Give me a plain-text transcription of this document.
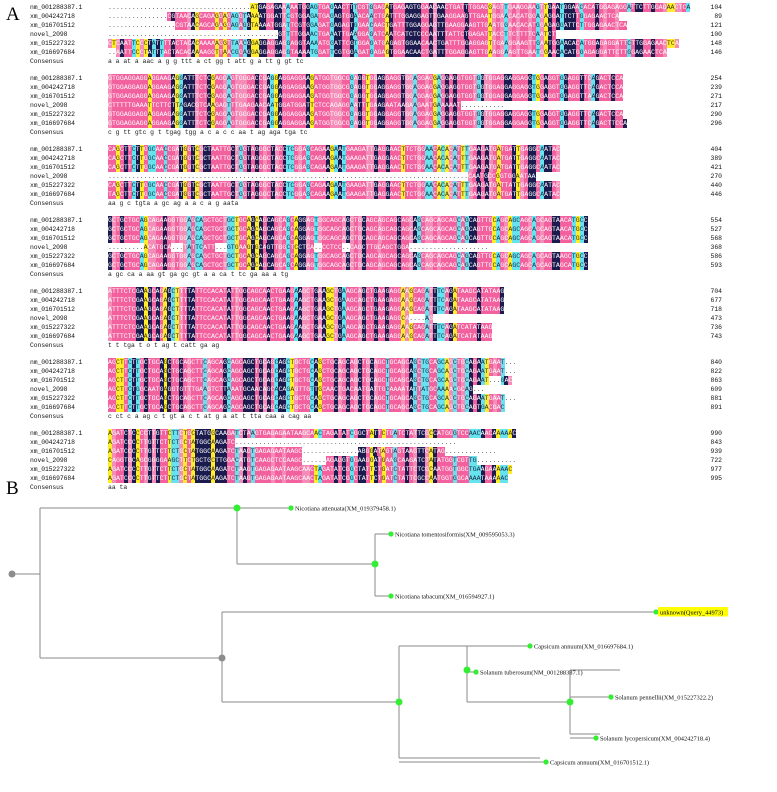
A
B
nm_001288387.1	....................................ATGAGAGAAAAATGGAGTGAGAACTTTCGTGGAGATGAGAGTGGAACAACTGATTTGGAGGAGTTGAAGGAAGTTGAATGGAACACATGGAGAGGATTCTTGGAGAACTCA	104
xm_004242718	...............CGTAACAGCAGAGGAGAGGTAAAATGGATTCGTGGAGATGAGAGTGGAACAACTGATTTGGAGGAGTTGAAGGAAGTTGAATGGAACACATGGAGAGGATTCTTGGAGAACTCA	89
xm_016701512	.................CGTAACAGCAGAGGAGAGGTAAAATGGATTCGTGGAGATGAGAGTGGAACAACTGATTTGGAGGAGTTGAAGGAAGTTGAATGGAACACATGGAGAGGATTCTTGGAGAACTCA	121
novel_2098	...........................................GTTTTGGAACTGAAATTGAAGGAGATCAATCATCTCCCAATTTATTCTGAGATTACCTTCTTTTCAATCT	100
xm_015227322	CTCAATTCCCTATTTTACTACACAAAAAGGTTAACGGAGGAGGAGGAGGTAAAATGGATTCGTGGAGATGAGAGTGGAACAACTGATTTGGAGGAGTTGAAGGAAGTTGAATGGAACACATGGAGAGGATTCTTGGAGAACTCA	148
xm_016697684	..AATTCCCTATTTACTACACAAAAGGTTAACGGAGGAGGAGGAGGTAAAATGGATTCGTGGAGATGAGAGTGGAACAACTGATTTGGAGGAGTTGAAGGAAGTTGAATGGAACACATGGAGAGGATTCTTGGAGAACTCA	146
Consensus	a a at a aac a g g ttt a ct gg t att g a tt g gt tc
nm_001288387.1	GTGGAGGAGGAGGAAGAGGATTTCTCGAGGAGTGGGACCGAGGAGGAGGAAGATGGTGGCGGAGGTGGAGGAGGTGGAGGAGGAGGAGGTGGTGGTGGAGGAGGAGGTGGAGGTGGAGGTTCAGACTCCA	254
xm_004242718	GTGGAGGAGGAGGAAGAGGATTTCTCGAGGAGTGGGACCGAGGAGGAGGAAGATGGTGGCGGAGGTGGAGGAGGTGGAGGAGGAGGAGGTGGTGGTGGAGGAGGAGGTGGAGGTGGAGGTTCAGACTCCA	239
xm_016701512	GTGGAGGAGGAGGAAGAGGATTTCTCGAGGAGTGGGACCGAGGAGGAGGAAGATGGTGGCGGAGGTGGAGGAGGTGGAGGAGGAGGAGGTGGTGGTGGAGGAGGAGGTGGAGGTGGAGGTTAAGACTCCA	271
novel_2098	CTTTTTGAAATTCTTCTTAGACGTCAAGAGTTTGAAGAACAATGGATGGATTCTCCAGAGGAATTTGAAGAATAAGAAGAATGAAAAAT...........	217
xm_015227322	GTGGAGGAGGAGGAAGAGGATTTCTCGAGGAGTGGGACCGAGGAGGAGGAAGATGGTGGCGGAGGTGGAGGAGGTGGAGGAGGAGGAGGTGGTGGTGGAGGAGGAGGTGGAGGTGGAGGTTCAGACTCCA	290
xm_016697684	GTGGAGGAGGAGGAAGAGGATTTCTCGAGGAGTGGGACCGAGGAGGAGGAAGATGGTGGCGGAGGTGGAGGAGGTGGAGGAGGAGGAGGTGGTGGTGGAGGAGGAGGTGGAGGTGGAGGTTCAGACTTCCA	296
Consensus	c g tt gtc g t tgag tgg a c a c c aa t ag aga tga tc
nm_001288387.1	CAGCTTCTTGGCAACCGATGGTCGCTAATTGCTGGTAGGGCTACCTCGGAGCAGAAGAATGAAGATTGAGGAACTTCTGGAACACACATTTGAAGATGATGATTGAGGCAATAC	404
xm_004242718	CAGCTTCTTGGCAACCGATGGTCGCTAATTGCTGGTAGGGCTACCTCGGAGCAGAAGAATGAAGATTGAGGAACTTCTGGAACACACATTTGAAGATGATGATTGAGGCAATAC	389
xm_016701512	CAGCTTCTTGGCAACCGATGGTCGCTAATTGCTGGTAGGGCTACCTCGGAGCAGAAGAATGAAGATTGAGGAACTTCTGGAACACACATTTGAAGATGATGATTGAGGCAATAC	421
novel_2098	...........................................................................................CAATGCCGGTGGAATAA	270
xm_015227322	CAGCTTCTTGGCAACCGATGGTCGCTAATTGCTGGTAGGGCTACCTCGGAGCAGAAGAATGAAGATTGAGGAACTTCTGGAACACACATTTGAAGATGATTATTGAGGCAATAC	440
xm_016697684	TAGCTTCTTGGCAACCGATGGTCGCTAATTGCTGGTAGGGCTACCTCGGAGCAGAAGAATGAAGATTGAGGAACTTCTGGAACACACATTTGAAGATGATGATTGAGGCAATAC	446
Consensus	aa g c tgta a gc ag a a c a g aata
nm_001288387.1	GCTGCTGCAGCAGAAGGTGGAGCAGCTGCTGCTGCAGCAGCAGCAGCAGGAGTGGCAGCAGCTGCAGCAGCAGCAGCAGCAGCAGCAGCAGCAGTTGCAGCAGCAGCAGCAGTAACATGCC	554
xm_004242718	GCTGCTGCAGCAGAAGGTGGAGCAGCTGCTGCTGCAGCAGCAGCAGCAGGAGTGGCAGCAGCTGCAGCAGCAGCAGCAGCAGCAGCAGCAGCAGTTGCAGCAGCAGCAGCAGTAACATGCC	527
xm_016701512	GCTGCTGCAGCAGAAGGTGGAGCAGCTGCTGCTGCAGCAGCAGCAGCAGGAGTGGCAGCAGCTGCAGCAGCAGCAGCAGCAGCAGCAGCAGCAGTTGCAGCAGCAGCAGCAGTAACATGCC	568
novel_2098	.........ACATGCA...TATTCATT...GTGAAGTGCAGTTGGCTCCTCA..CCTCC..CAGCTTGCAGCTGGA....................	368
xm_015227322	GCTGCTGCAGCAGAAGGTGGAGCAGCTGCTGCTGCAGCAGCAGCAGCAGGAGTGGCAGCAGCTGCAGCAGCAGCAGCAGCAGCAGCAGCAGCAGTTGCAGCAGCAGCAGCAGTAAGCTGCC	586
xm_016697684	GCTGCTGCAGCAGAAGGTGGAGCAGCTGCTGCTGCAGCAGCAGCAGCAGGAGTGGCAGCAGCTGCAGCAGCAGCAGCAGCAGCAGCAGCAGCAGTTGCAGCAGCAGCAGCAGTAGCATGCC	593
Consensus	a gc ca a aa gt ga gc gt a a ca t tc ga aa a tg
nm_001288387.1	ATTTCTCGAAGCAGAGCTTTTATTCCACATATTGGCAGCAACTGAAGAAGCTGAAGCTGAAGCAGCTGAAGAGGAAGCAGATTTCAGATAAGCATATAAG	704
xm_004242718	ATTTCTCGAAGCAGAGCTTTTATTCCACATATTGGCAGCAACTGAAGAAGCTGAAGCTGAAGCAGCTGAAGAGGAAGCAGATTTCAGATAAGCATATAAG	677
xm_016701512	ATTTCTCGAAGCAGAGCTTTTATTCCACATATTGGCAGCAACTGAAGAAGCTGAAGCTGAAGCAGCTGAAGAGGAAGCAGATTTCAGATAAGCATATAAG	718
novel_2098	ATTTCTCGAAGCAGAGCTTTTATTCCACATATTGGCAGCAACTGAAGAAGCTGAAGCTGAAGCAGCTGAAGAGGCA....AG	473
xm_015227322	ATTTCTCGAAGCAGAGCTTTTATTCCACATATTGGCAGCAACTGAAGAAGCTGAAGCTGAAGCAGCTGAAGAGGAAGCAGATTTCAGATCATATAAG	736
xm_016697684	ATTTCTCGAAGCAGAGCTTTTATTCCACATATTGGCAGCAACTGAAGAAGCTGAAGCTGAAGCAGCTGAAGAGGAAGCAGATTTCAGATCATATAAG	743
Consensus	t t tga t o t ag t catt ga ag
nm_001288387.1	AGCTTCTTGCTGCAGCTGCAGCTTCAGCAGCAGCAGCTGCAGCAGCTGCTGCAGCTGCAGCAGCTGCAGCTGCAGCAGCTGCAGCAGCTGCAGAATGAAT...	840
xm_004242718	AGCTTCTTGCTGCAGCTGCAGCTTCAGCAGCAGCAGCTGCAGCAGCTGCTGCAGCTGCAGCAGCTGCAGCTGCAGCAGCTGCAGCAGCTGCAGAATGAAT...	822
xm_016701512	AGCTTCTTGCTGCAGCTGCAGCTTCAGCAGCAGCAGCTGCAGCAGCTGCTGCAGCTGCAGCAGCTGCAGCTGCAGCAGCTGCAGCAGCTGCAGAAT...GAC	863
novel_2098	AGCTTCTGGCAATGAGGTGTTTGAAGTCTTAAATGCAACAGCACAGAGTTGTTGCAACTGACAATGATTGCAAAATATTATGCAAAACGCAG...	609
xm_015227322	AGCTTCTTGCTGCAGCTGCAGCTTCAGCAGCAGCAGCTGCAGCAGCTGCTGCAGCTGCAGCAGCTGCAGCTGCAGCAGCTGCAGCAGCTGCAGAATGAAT...	881
xm_016697684	AGCTTCTTGCTGCAGCTGCAGCTTCAGCAGCAGCAGCTGCAGCAGCTGCTGCAGCTGCAGCAGCTGCAGCTGCAGCAGCTGCAGCAGCTGCAGTGACGAC	891
Consensus	c ct c a ag c t gt a c t at g a at t tta caa a cag aa
nm_001288387.1	AGATCTCCCCTTGTTCTTCTGCTATGGCAAGATCTAAGTGAGAGAATAAGCAACTAGATATCGGCTATTCTGATCTATTCGCCATGGGTCCAACAACAAAAAC	990
xm_004242718	AGATCCCCTTGTTCTTCTGCTATGGCAAGATC........................................................	843
xm_016701512	AGATCCCCTTGTTCTTCTGCTATGGCAAGATCTAAGTGAGAGAATAAGC..............ABGGATAGTAGTAAGTTCATAG.............	939
novel_2098	CAGGTGCAGCGGGGAAGCTTCTGCTGCTTGGACATGTCAAGCTCCAAGC......AGAGGTGGAAGGATGAAGCAAGATCTATATGGTCGTTG..........	722
xm_015227322	AGATCCCCTTGTTCTTCTGCTATGGCAAGATCTAAGTGAGAGAATAAGCAACTAGATATCGGCTATTCTGATCTATTCTCGCAATGGTGGCTGAAGAAAAAC	977
xm_016697684	AGATCCCCTTGTTCTTCTGCTATGGCAAGATCTAAGTGAGAGAATAAGCAACTAGATATCGGCTATTCTGATCTATTCGCCAATGGTGGCAAAATAAAAAC	995
Consensus	aa ta
Nicotiana attenuata(XM_019379458.1)
Nicotiana tomentosiformis(XM_009595053.3)
Nicotiana tabacum(XM_016594927.1)
unknown(Query_44973)
Capsicum annuum(XM_016697684.1)
Solanum tuberosum(NM_001288387.1)
Solanum pennellii(XM_015227322.2)
Solanum lycopersicum(XM_004242718.4)
Capsicum annuum(XM_016701512.1)
